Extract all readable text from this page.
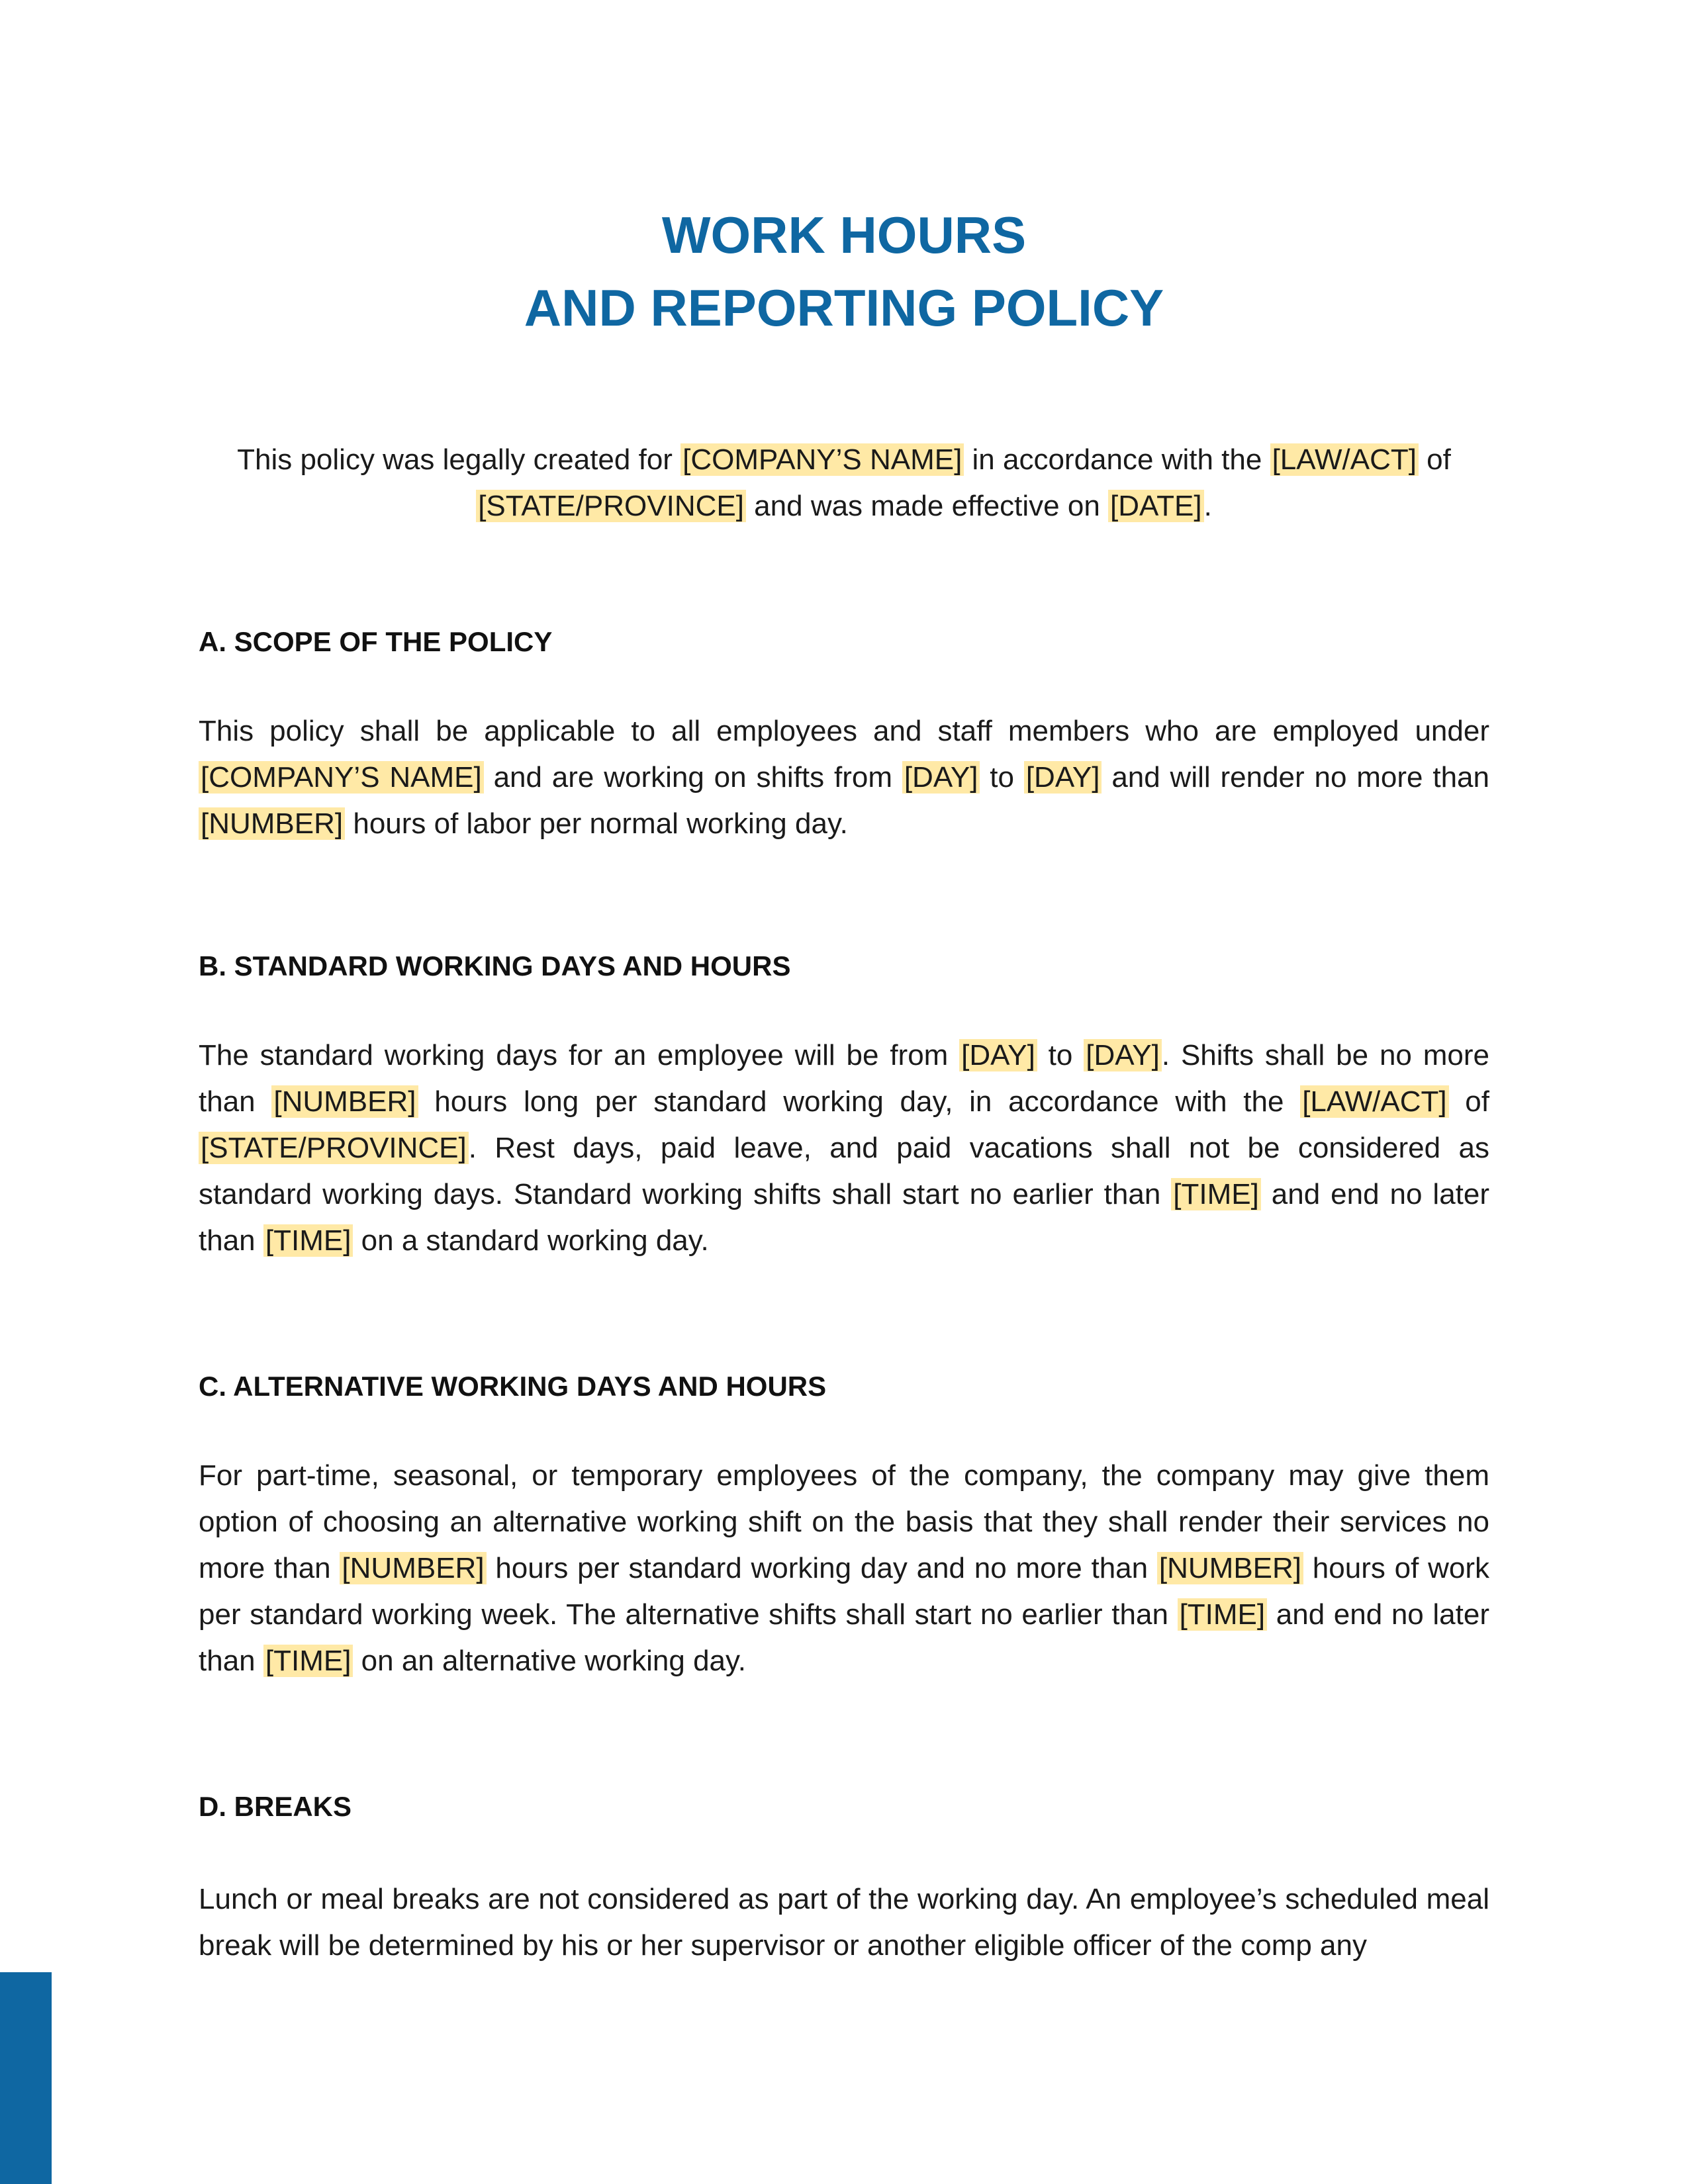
WORK HOURS
AND REPORTING POLICY

This policy was legally created for [COMPANY’S NAME] in accordance with the [LAW/ACT] of
[STATE/PROVINCE] and was made effective on [DATE].

A. SCOPE OF THE POLICY

This policy shall be applicable to all employees and staff members who are employed under [COMPANY’S NAME] and are working on shifts from [DAY] to [DAY] and will render no more than [NUMBER] hours of labor per normal working day.

B. STANDARD WORKING DAYS AND HOURS

The standard working days for an employee will be from [DAY] to [DAY]. Shifts shall be no more than [NUMBER] hours long per standard working day, in accordance with the [LAW/ACT] of [STATE/PROVINCE]. Rest days, paid leave, and paid vacations shall not be considered as standard working days. Standard working shifts shall start no earlier than [TIME] and end no later than [TIME] on a standard working day.

C. ALTERNATIVE WORKING DAYS AND HOURS

For part-time, seasonal, or temporary employees of the company, the company may give them option of choosing an alternative working shift on the basis that they shall render their services no more than [NUMBER] hours per standard working day and no more than [NUMBER] hours of work per standard working week. The alternative shifts shall start no earlier than [TIME] and end no later than [TIME] on an alternative working day.

D. BREAKS

Lunch or meal breaks are not considered as part of the working day. An employee’s scheduled meal break will be determined by his or her supervisor or another eligible officer of the comp any
